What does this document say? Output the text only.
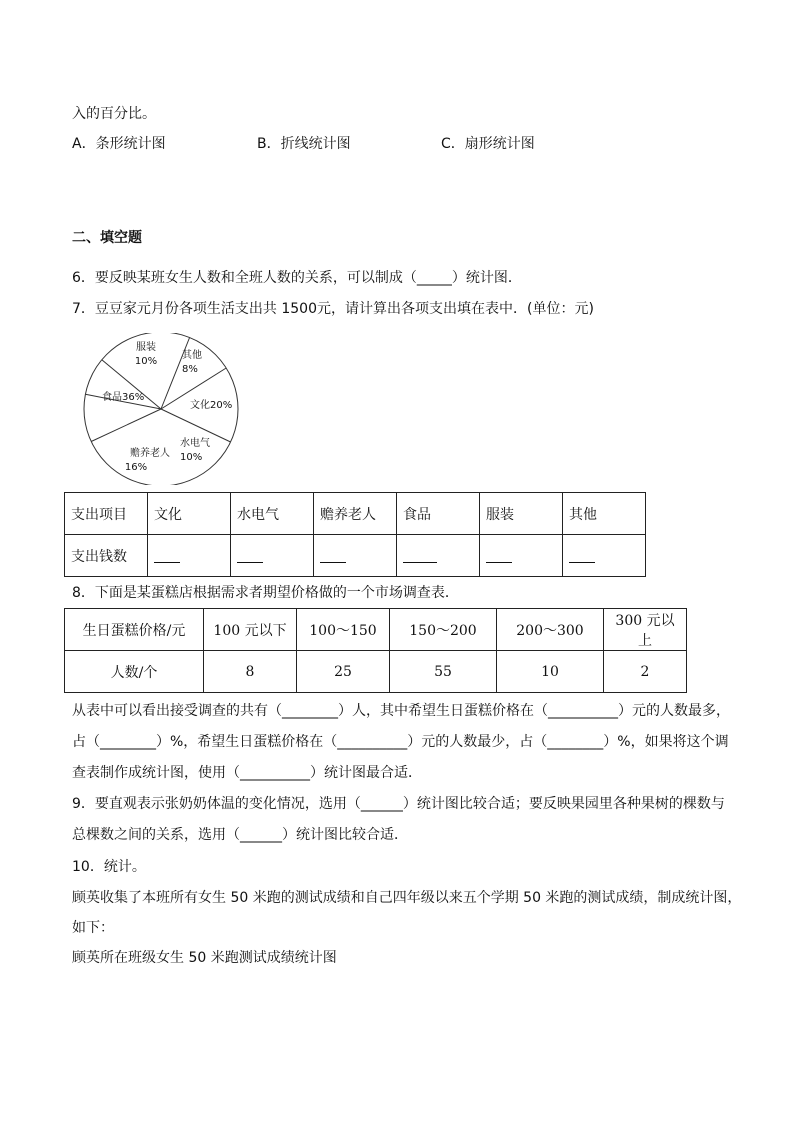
入的百分比。
A．条形统计图	B．折线统计图	C．扇形统计图
二、填空题
6．要反映某班女生人数和全班人数的关系，可以制成（_____）统计图．
7．豆豆家元月份各项生活支出共 1500元，请计算出各项支出填在表中．(单位：元)
服装
10%
其他
8%
文化20%
水电气
10%
赡养老人
16%
食品36%
支出项目	文化	水电气	赡养老人	食品	服装	其他
支出钱数						
8．下面是某蛋糕店根据需求者期望价格做的一个市场调查表．
生日蛋糕价格/元	100 元以下	100～150	150～200	200～300	300 元以上
人数/个	8	25	55	10	2
从表中可以看出接受调查的共有（________）人，其中希望生日蛋糕价格在（__________）元的人数最多，
占（________）%，希望生日蛋糕价格在（__________）元的人数最少，占（________）%，如果将这个调
查表制作成统计图，使用（__________）统计图最合适．
9．要直观表示张奶奶体温的变化情况，选用（______）统计图比较合适；要反映果园里各种果树的棵数与
总棵数之间的关系，选用（______）统计图比较合适．
10．统计。
顾英收集了本班所有女生 50 米跑的测试成绩和自己四年级以来五个学期 50 米跑的测试成绩，制成统计图，
如下：
顾英所在班级女生 50 米跑测试成绩统计图
